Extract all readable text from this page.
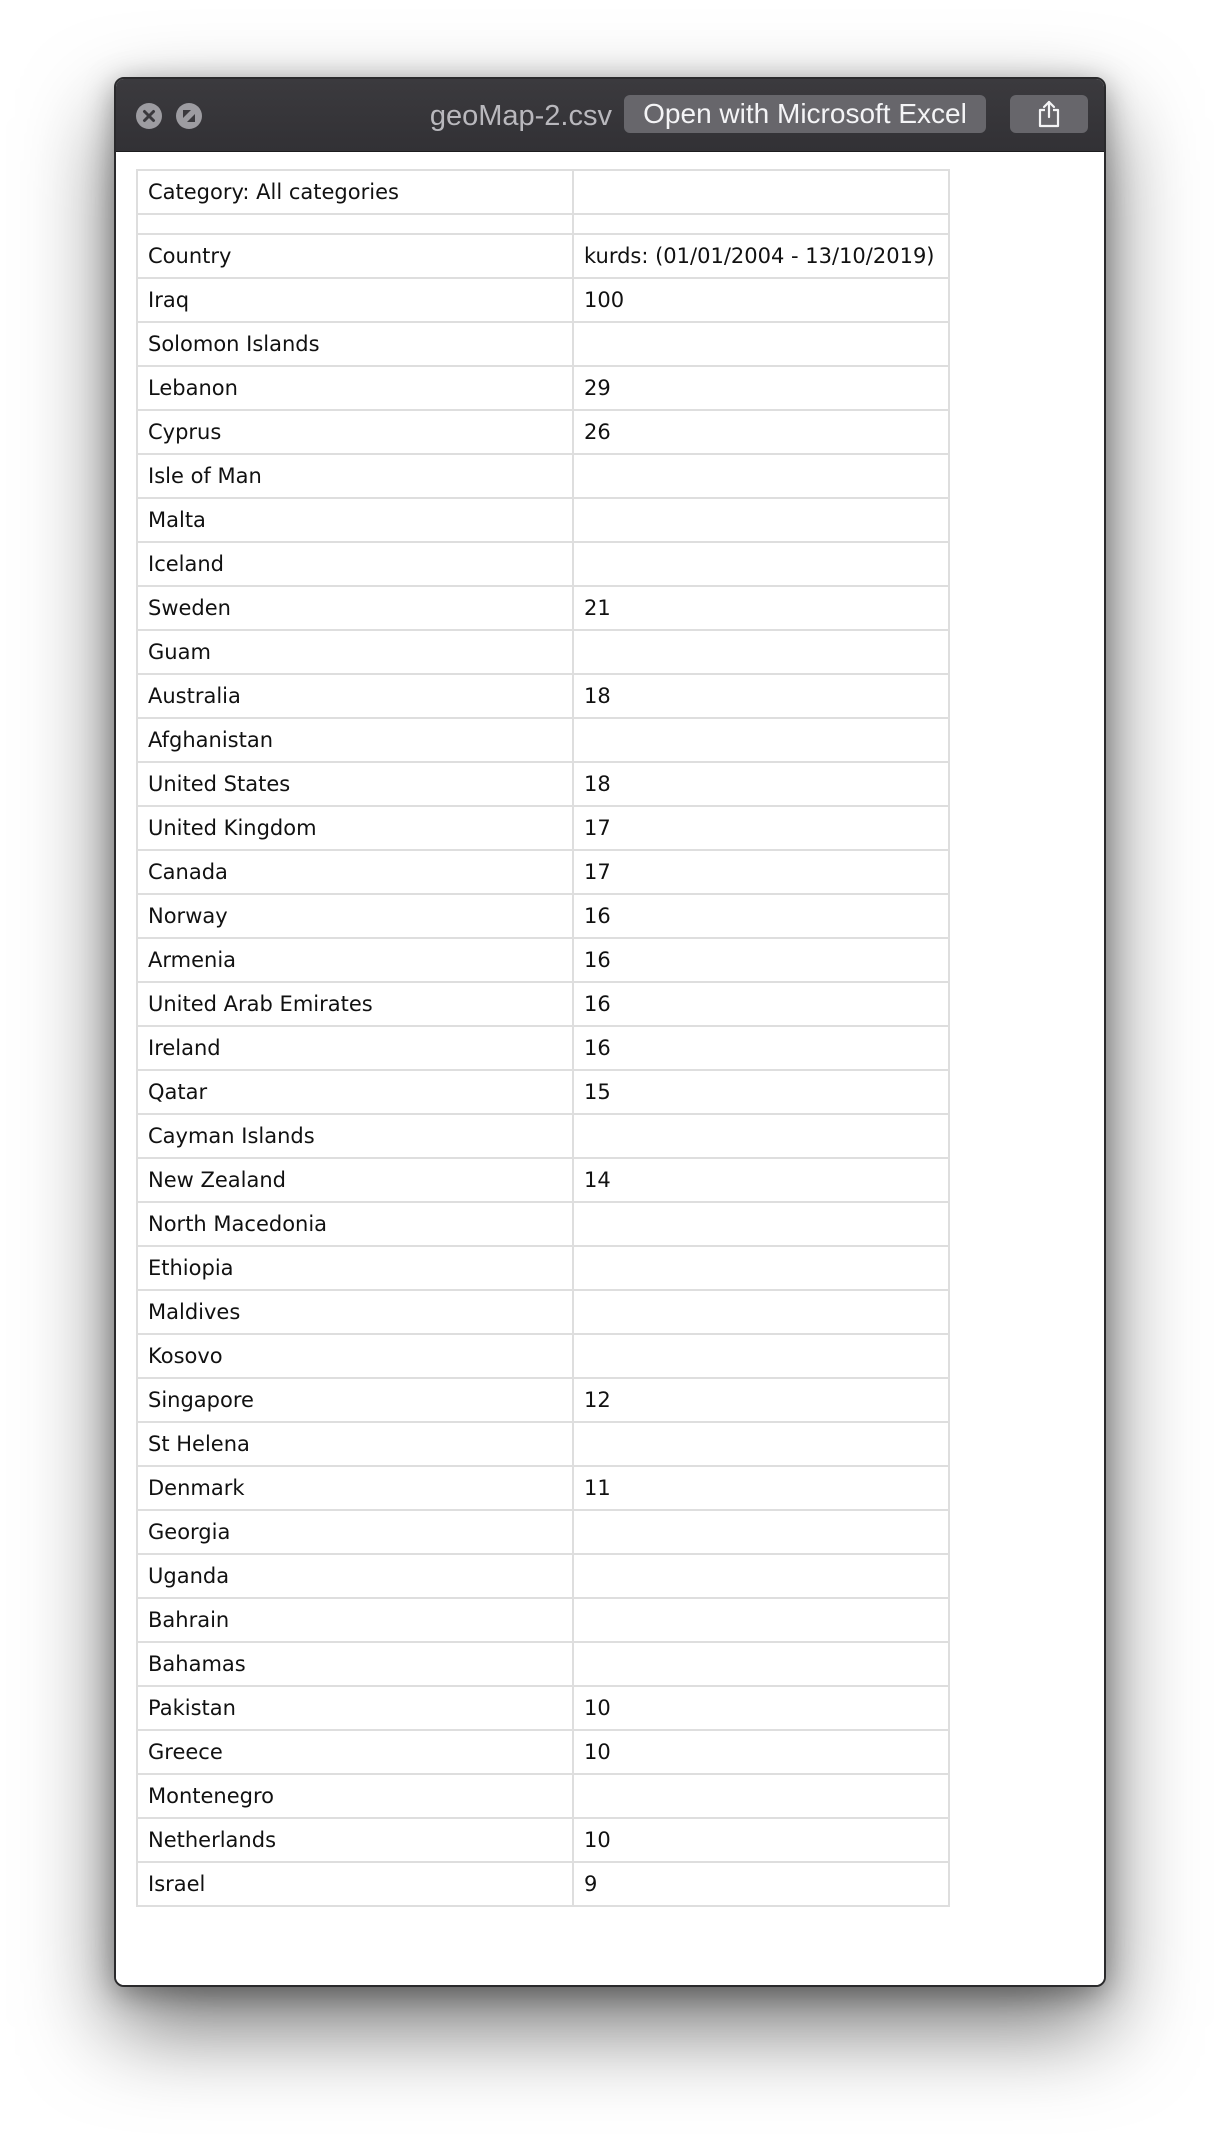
geoMap-2.csv	Open with Microsoft Excel
Category: All categories	

Country	kurds: (01/01/2004 - 13/10/2019)
Iraq	100
Solomon Islands	
Lebanon	29
Cyprus	26
Isle of Man	
Malta	
Iceland	
Sweden	21
Guam	
Australia	18
Afghanistan	
United States	18
United Kingdom	17
Canada	17
Norway	16
Armenia	16
United Arab Emirates	16
Ireland	16
Qatar	15
Cayman Islands	
New Zealand	14
North Macedonia	
Ethiopia	
Maldives	
Kosovo	
Singapore	12
St Helena	
Denmark	11
Georgia	
Uganda	
Bahrain	
Bahamas	
Pakistan	10
Greece	10
Montenegro	
Netherlands	10
Israel	9
